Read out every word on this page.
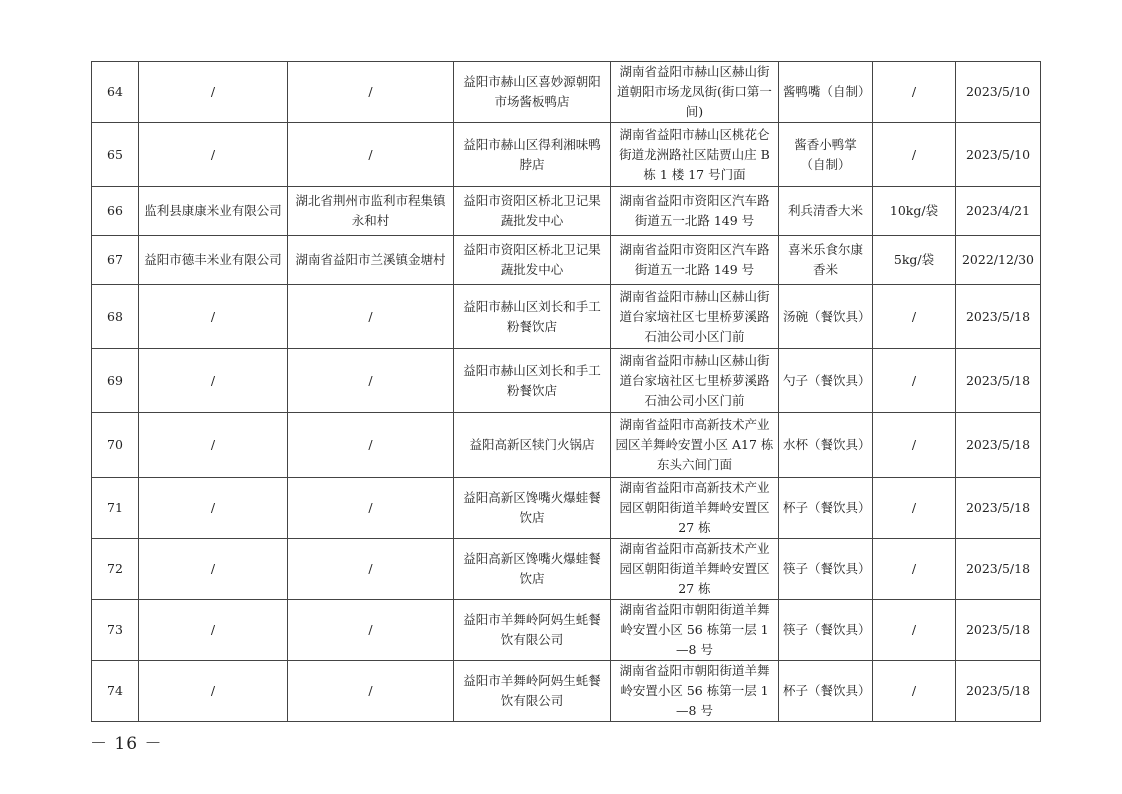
64	/	/	益阳市赫山区喜妙源朝阳市场酱板鸭店	湖南省益阳市赫山区赫山街道朝阳市场龙凤街(街口第一间)	酱鸭嘴（自制）	/	2023/5/10
65	/	/	益阳市赫山区得利湘味鸭脖店	湖南省益阳市赫山区桃花仑街道龙洲路社区陆贾山庄 B 栋 1 楼 17 号门面	酱香小鸭掌（自制）	/	2023/5/10
66	监利县康康米业有限公司	湖北省荆州市监利市程集镇永和村	益阳市资阳区桥北卫记果蔬批发中心	湖南省益阳市资阳区汽车路街道五一北路 149 号	利兵清香大米	10kg/袋	2023/4/21
67	益阳市德丰米业有限公司	湖南省益阳市兰溪镇金塘村	益阳市资阳区桥北卫记果蔬批发中心	湖南省益阳市资阳区汽车路街道五一北路 149 号	喜米乐食尔康香米	5kg/袋	2022/12/30
68	/	/	益阳市赫山区刘长和手工粉餐饮店	湖南省益阳市赫山区赫山街道台家垴社区七里桥萝溪路石油公司小区门前	汤碗（餐饮具）	/	2023/5/18
69	/	/	益阳市赫山区刘长和手工粉餐饮店	湖南省益阳市赫山区赫山街道台家垴社区七里桥萝溪路石油公司小区门前	勺子（餐饮具）	/	2023/5/18
70	/	/	益阳高新区犊门火锅店	湖南省益阳市高新技术产业园区羊舞岭安置小区 A17 栋东头六间门面	水杯（餐饮具）	/	2023/5/18
71	/	/	益阳高新区馋嘴火爆蛙餐饮店	湖南省益阳市高新技术产业园区朝阳街道羊舞岭安置区 27 栋	杯子（餐饮具）	/	2023/5/18
72	/	/	益阳高新区馋嘴火爆蛙餐饮店	湖南省益阳市高新技术产业园区朝阳街道羊舞岭安置区 27 栋	筷子（餐饮具）	/	2023/5/18
73	/	/	益阳市羊舞岭阿妈生蚝餐饮有限公司	湖南省益阳市朝阳街道羊舞岭安置小区 56 栋第一层 1—8 号	筷子（餐饮具）	/	2023/5/18
74	/	/	益阳市羊舞岭阿妈生蚝餐饮有限公司	湖南省益阳市朝阳街道羊舞岭安置小区 56 栋第一层 1—8 号	杯子（餐饮具）	/	2023/5/18
－ 16 －
